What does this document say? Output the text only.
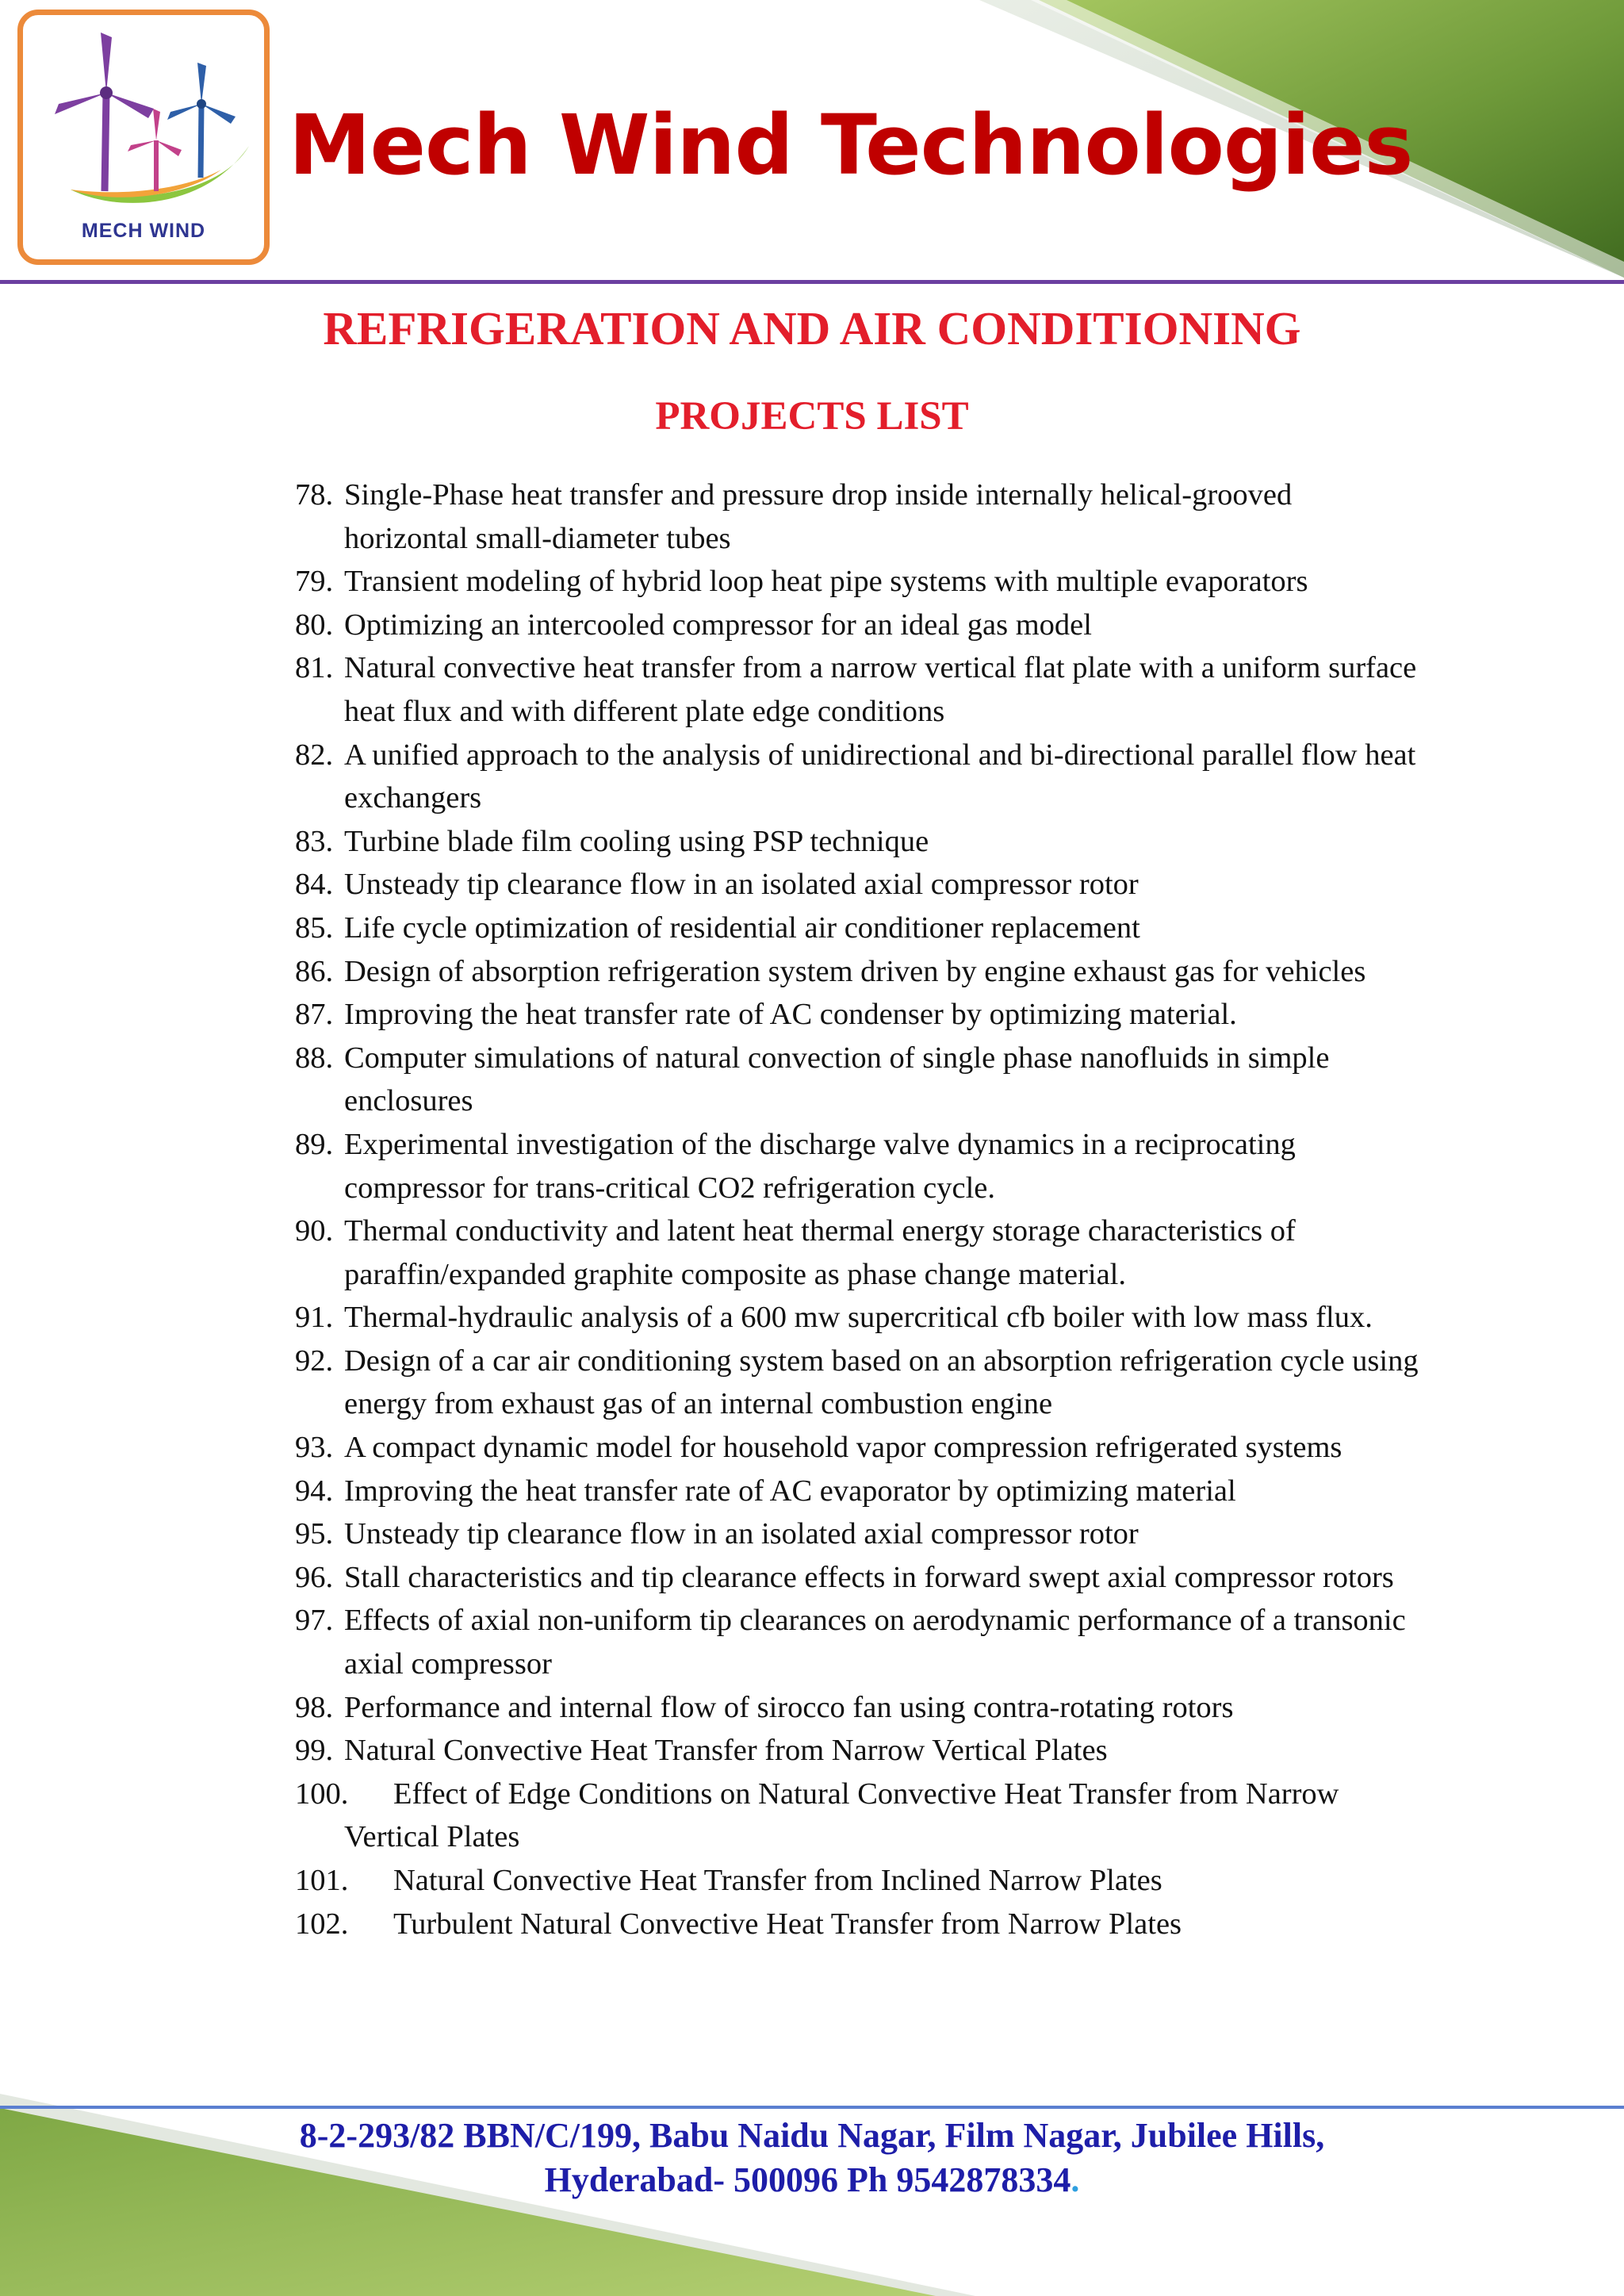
MECH WIND
Mech Wind Technologies
REFRIGERATION AND AIR CONDITIONING
PROJECTS LIST
78. Single-Phase heat transfer and pressure drop inside internally helical-grooved horizontal small-diameter tubes
79. Transient modeling of hybrid loop heat pipe systems with multiple evaporators
80. Optimizing an intercooled compressor for an ideal gas model
81. Natural convective heat transfer from a narrow vertical flat plate with a uniform surface heat flux and with different plate edge conditions
82. A unified approach to the analysis of unidirectional and bi-directional parallel flow heat exchangers
83. Turbine blade film cooling using PSP technique
84. Unsteady tip clearance flow in an isolated axial compressor rotor
85. Life cycle optimization of residential air conditioner replacement
86. Design of absorption refrigeration system driven by engine exhaust gas for vehicles
87. Improving the heat transfer rate of AC condenser by optimizing material.
88. Computer simulations of natural convection of single phase nanofluids in simple enclosures
89. Experimental investigation of the discharge valve dynamics in a reciprocating compressor for trans-critical CO2 refrigeration cycle.
90. Thermal conductivity and latent heat thermal energy storage characteristics of paraffin/expanded graphite composite as phase change material.
91. Thermal-hydraulic analysis of a 600 mw supercritical cfb boiler with low mass flux.
92. Design of a car air conditioning system based on an absorption refrigeration cycle using energy from exhaust gas of an internal combustion engine
93. A compact dynamic model for household vapor compression refrigerated systems
94. Improving the heat transfer rate of AC evaporator by optimizing material
95. Unsteady tip clearance flow in an isolated axial compressor rotor
96. Stall characteristics and tip clearance effects in forward swept axial compressor rotors
97. Effects of axial non-uniform tip clearances on aerodynamic performance of a transonic axial compressor
98. Performance and internal flow of sirocco fan using contra-rotating rotors
99. Natural Convective Heat Transfer from Narrow Vertical Plates
100.	Effect of Edge Conditions on Natural Convective Heat Transfer from Narrow Vertical Plates
101.	Natural Convective Heat Transfer from Inclined Narrow Plates
102.	Turbulent Natural Convective Heat Transfer from Narrow Plates

8-2-293/82 BBN/C/199, Babu Naidu Nagar, Film Nagar, Jubilee Hills,

Hyderabad- 500096 Ph 9542878334.
